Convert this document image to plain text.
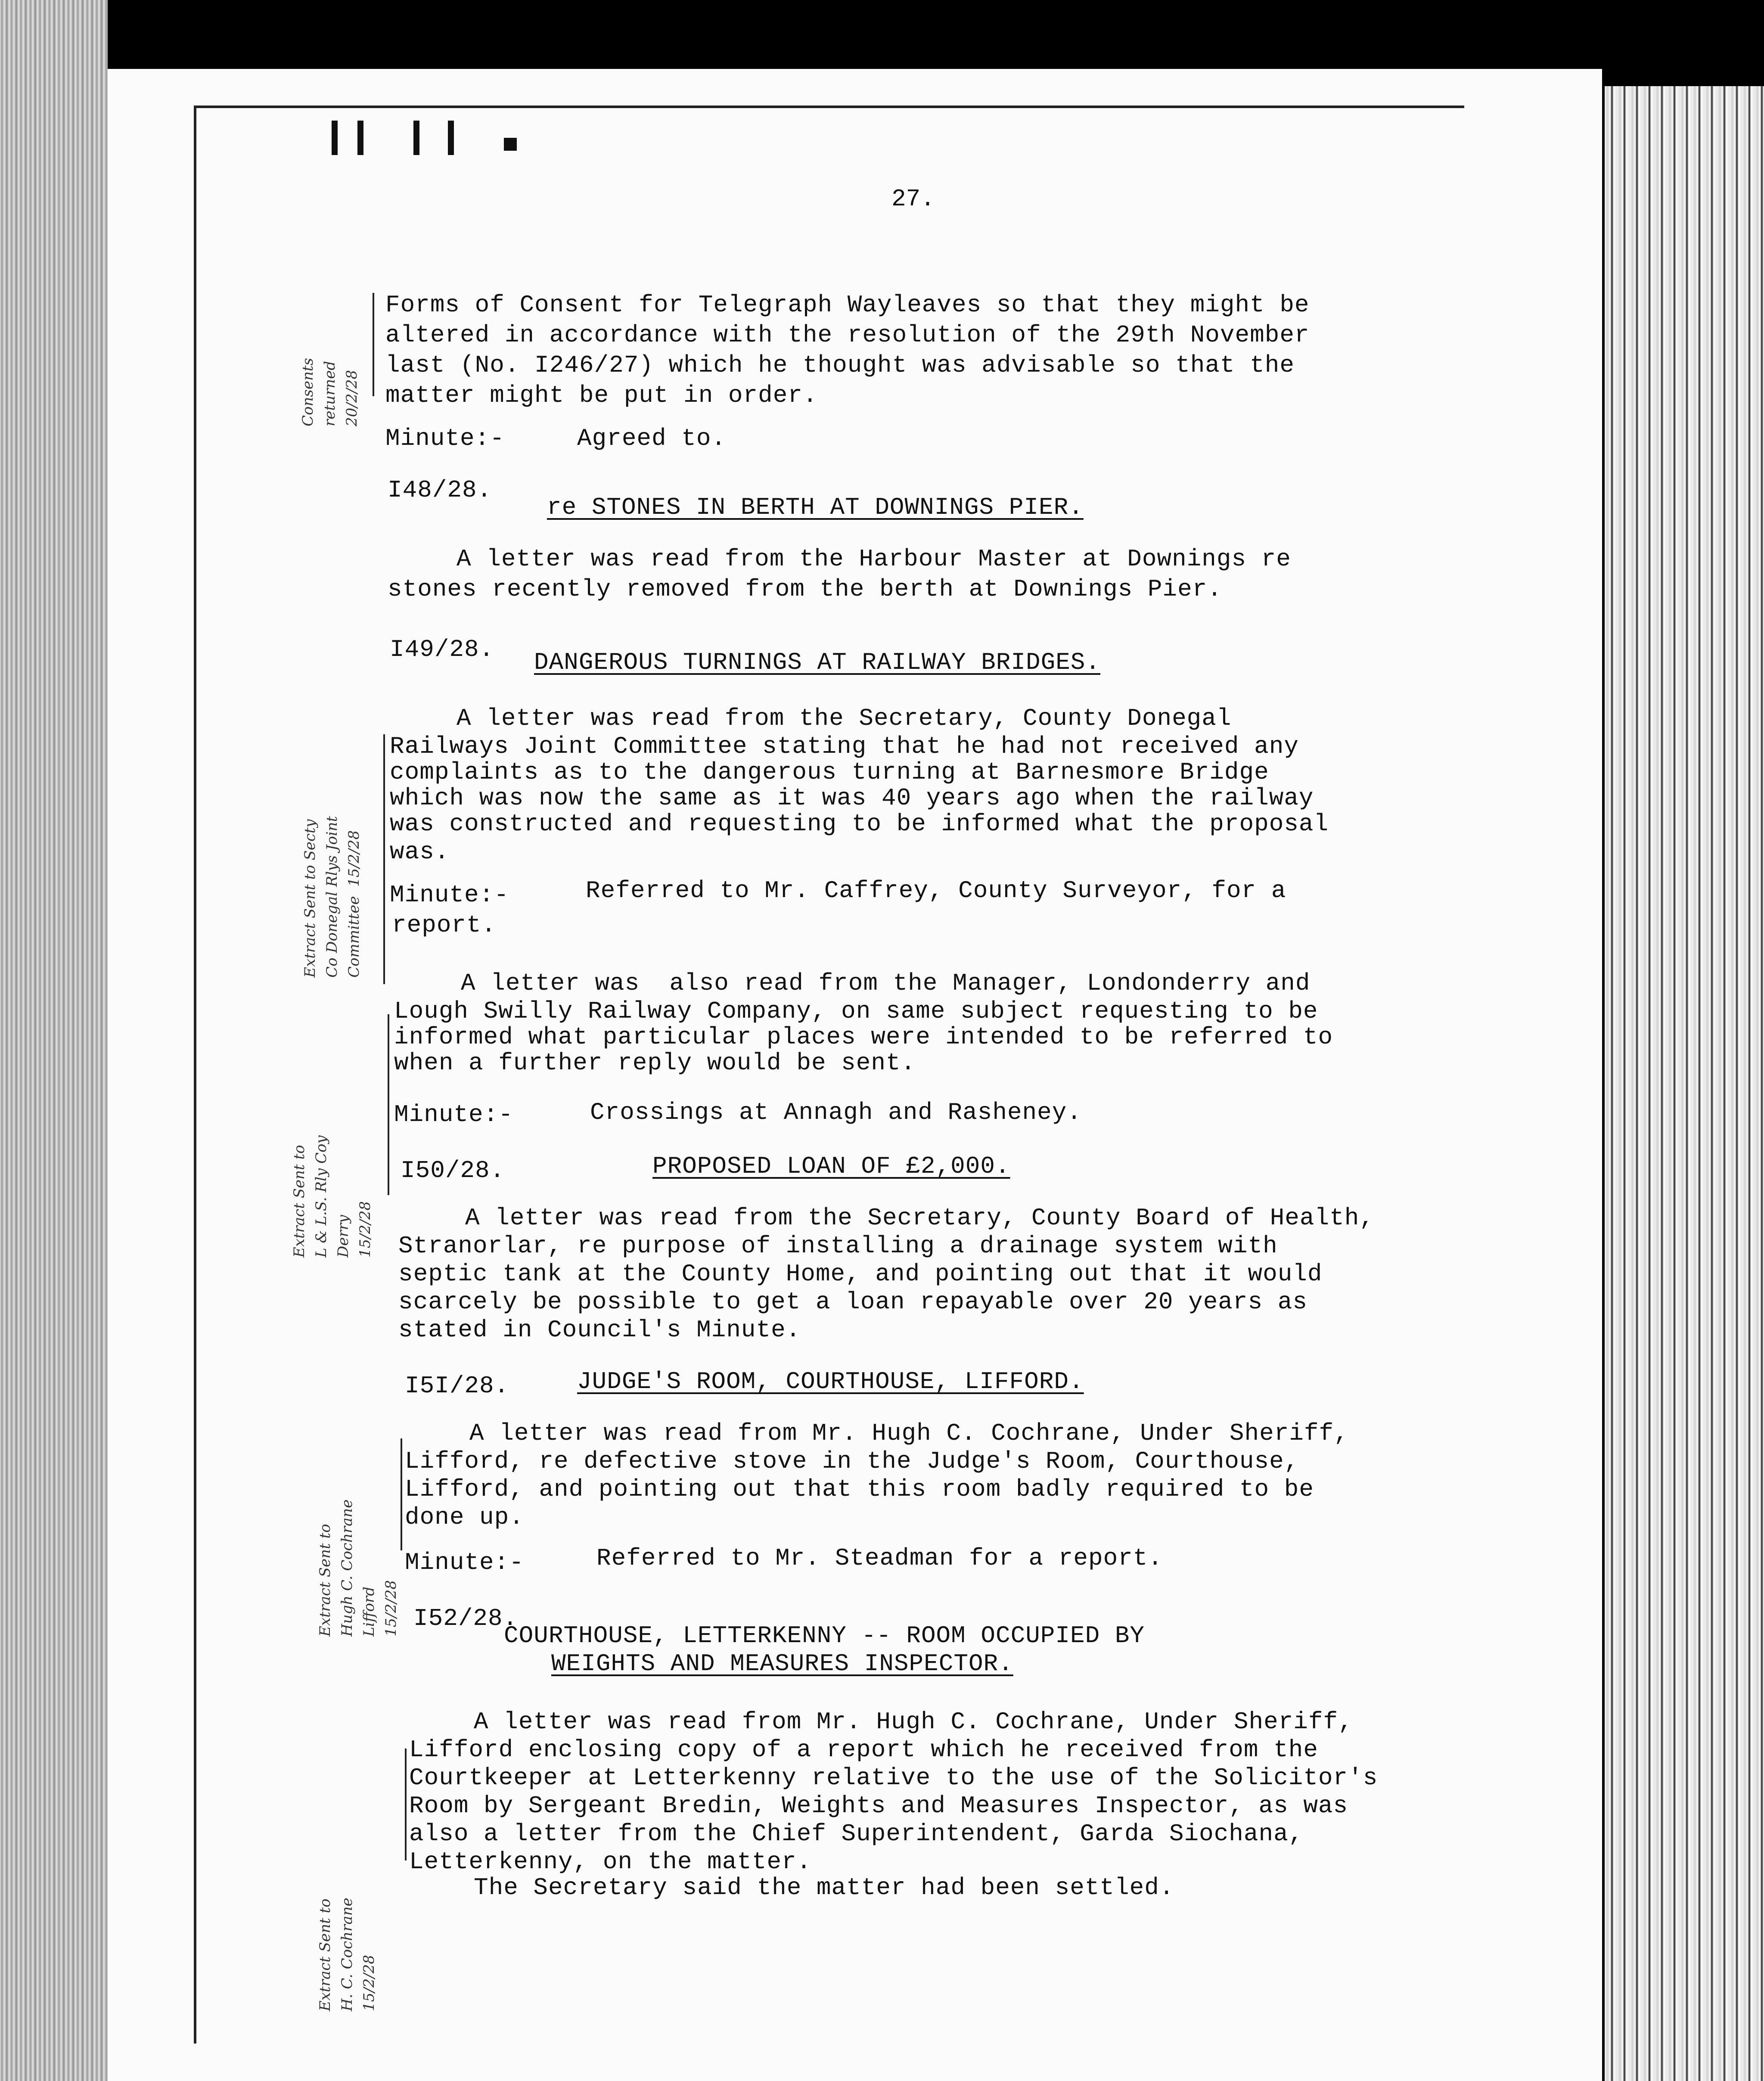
27.
Consents
returned
20/2/28
Extract Sent to Secty
Co Donegal Rlys Joint
Committee  15/2/28
Extract Sent to
L & L.S. Rly Coy
Derry
15/2/28
Extract Sent to
Hugh C. Cochrane
Lifford
15/2/28
Extract Sent to
H. C. Cochrane
15/2/28
Forms of Consent for Telegraph Wayleaves so that they might be
altered in accordance with the resolution of the 29th November
last (No. I246/27) which he thought was advisable so that the
matter might be put in order.
Minute:-	Agreed to.
I48/28.
re STONES IN BERTH AT DOWNINGS PIER.
A letter was read from the Harbour Master at Downings re
stones recently removed from the berth at Downings Pier.
I49/28. DANGEROUS TURNINGS AT RAILWAY BRIDGES.
A letter was read from the Secretary, County Donegal
Railways Joint Committee stating that he had not received any
complaints as to the dangerous turning at Barnesmore Bridge
which was now the same as it was 40 years ago when the railway
was constructed and requesting to be informed what the proposal
was.
Minute:-	Referred to Mr. Caffrey, County Surveyor, for a
report.
A letter was  also read from the Manager, Londonderry and
Lough Swilly Railway Company, on same subject requesting to be
informed what particular places were intended to be referred to
when a further reply would be sent.
Minute:-	Crossings at Annagh and Rasheney.
I50/28.	PROPOSED LOAN OF £2,000.
A letter was read from the Secretary, County Board of Health,
Stranorlar, re purpose of installing a drainage system with
septic tank at the County Home, and pointing out that it would
scarcely be possible to get a loan repayable over 20 years as
stated in Council's Minute.
I5I/28.	JUDGE'S ROOM, COURTHOUSE, LIFFORD.
A letter was read from Mr. Hugh C. Cochrane, Under Sheriff,
Lifford, re defective stove in the Judge's Room, Courthouse,
Lifford, and pointing out that this room badly required to be
done up.
Minute:-	Referred to Mr. Steadman for a report.
I52/28.
COURTHOUSE, LETTERKENNY -- ROOM OCCUPIED BY
WEIGHTS AND MEASURES INSPECTOR.
A letter was read from Mr. Hugh C. Cochrane, Under Sheriff,
Lifford enclosing copy of a report which he received from the
Courtkeeper at Letterkenny relative to the use of the Solicitor's
Room by Sergeant Bredin, Weights and Measures Inspector, as was
also a letter from the Chief Superintendent, Garda Siochana,
Letterkenny, on the matter.
The Secretary said the matter had been settled.
